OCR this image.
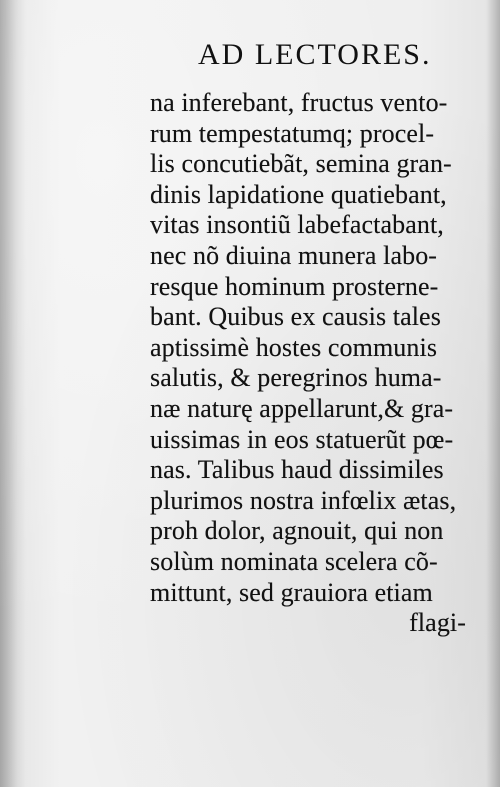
AD LECTORES.
na inferebant, fructus vento-
rum tempestatumq; procel-
lis concutiebãt, semina gran-
dinis lapidatione quatiebant,
vitas insontiũ labefactabant,
nec nõ diuina munera labo-
resque hominum prosterne-
bant. Quibus ex causis tales
aptissimè hostes communis
salutis, & peregrinos huma-
næ naturę appellarunt,& gra-
uissimas in eos statuerũt pœ-
nas. Talibus haud dissimiles
plurimos nostra infœlix ætas,
proh dolor, agnouit, qui non
solùm nominata scelera cõ-
mittunt, sed grauiora etiam
flagi-
